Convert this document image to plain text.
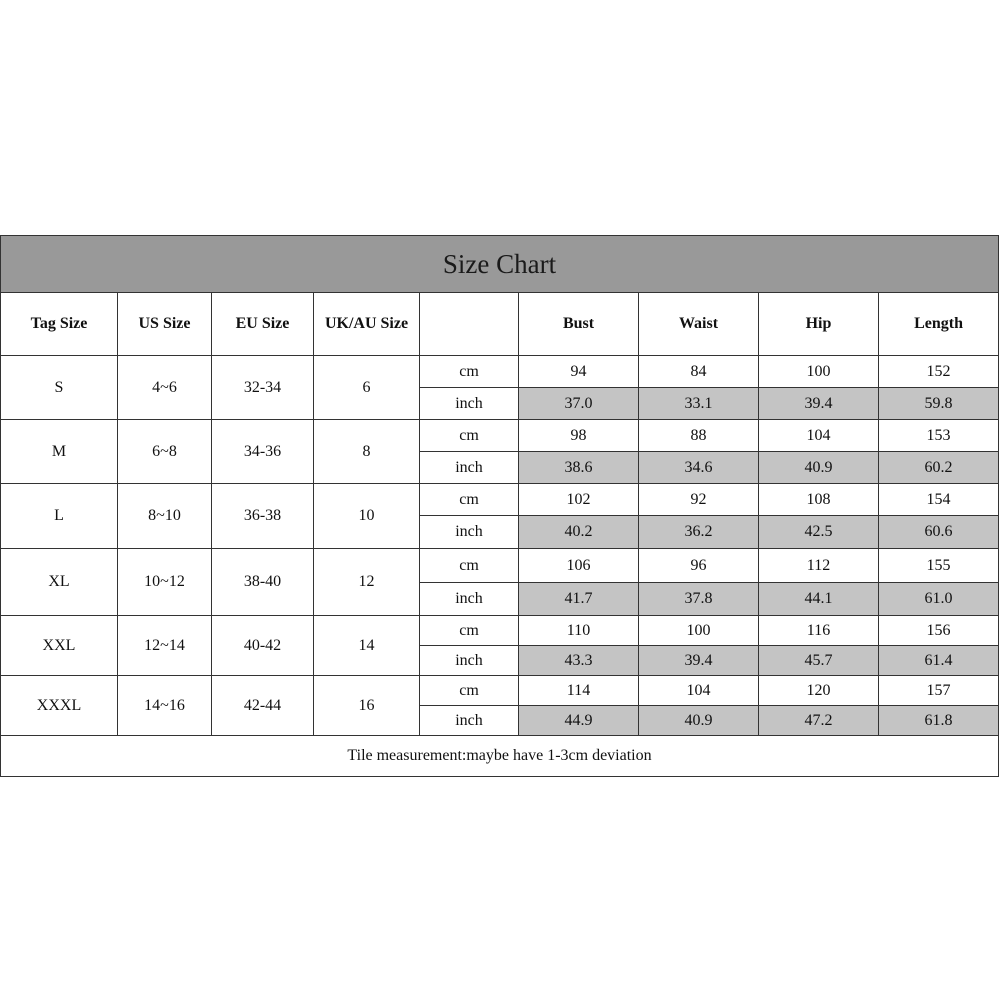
Size Chart								
Tag Size	US Size	EU Size	UK/AU Size		Bust	Waist	Hip	Length
S	4~6	32-34	6	cm	94	84	100	152
				inch	37.0	33.1	39.4	59.8
M	6~8	34-36	8	cm	98	88	104	153
				inch	38.6	34.6	40.9	60.2
L	8~10	36-38	10	cm	102	92	108	154
				inch	40.2	36.2	42.5	60.6
XL	10~12	38-40	12	cm	106	96	112	155
				inch	41.7	37.8	44.1	61.0
XXL	12~14	40-42	14	cm	110	100	116	156
				inch	43.3	39.4	45.7	61.4
XXXL	14~16	42-44	16	cm	114	104	120	157
				inch	44.9	40.9	47.2	61.8
Tile measurement:maybe have 1-3cm deviation								
